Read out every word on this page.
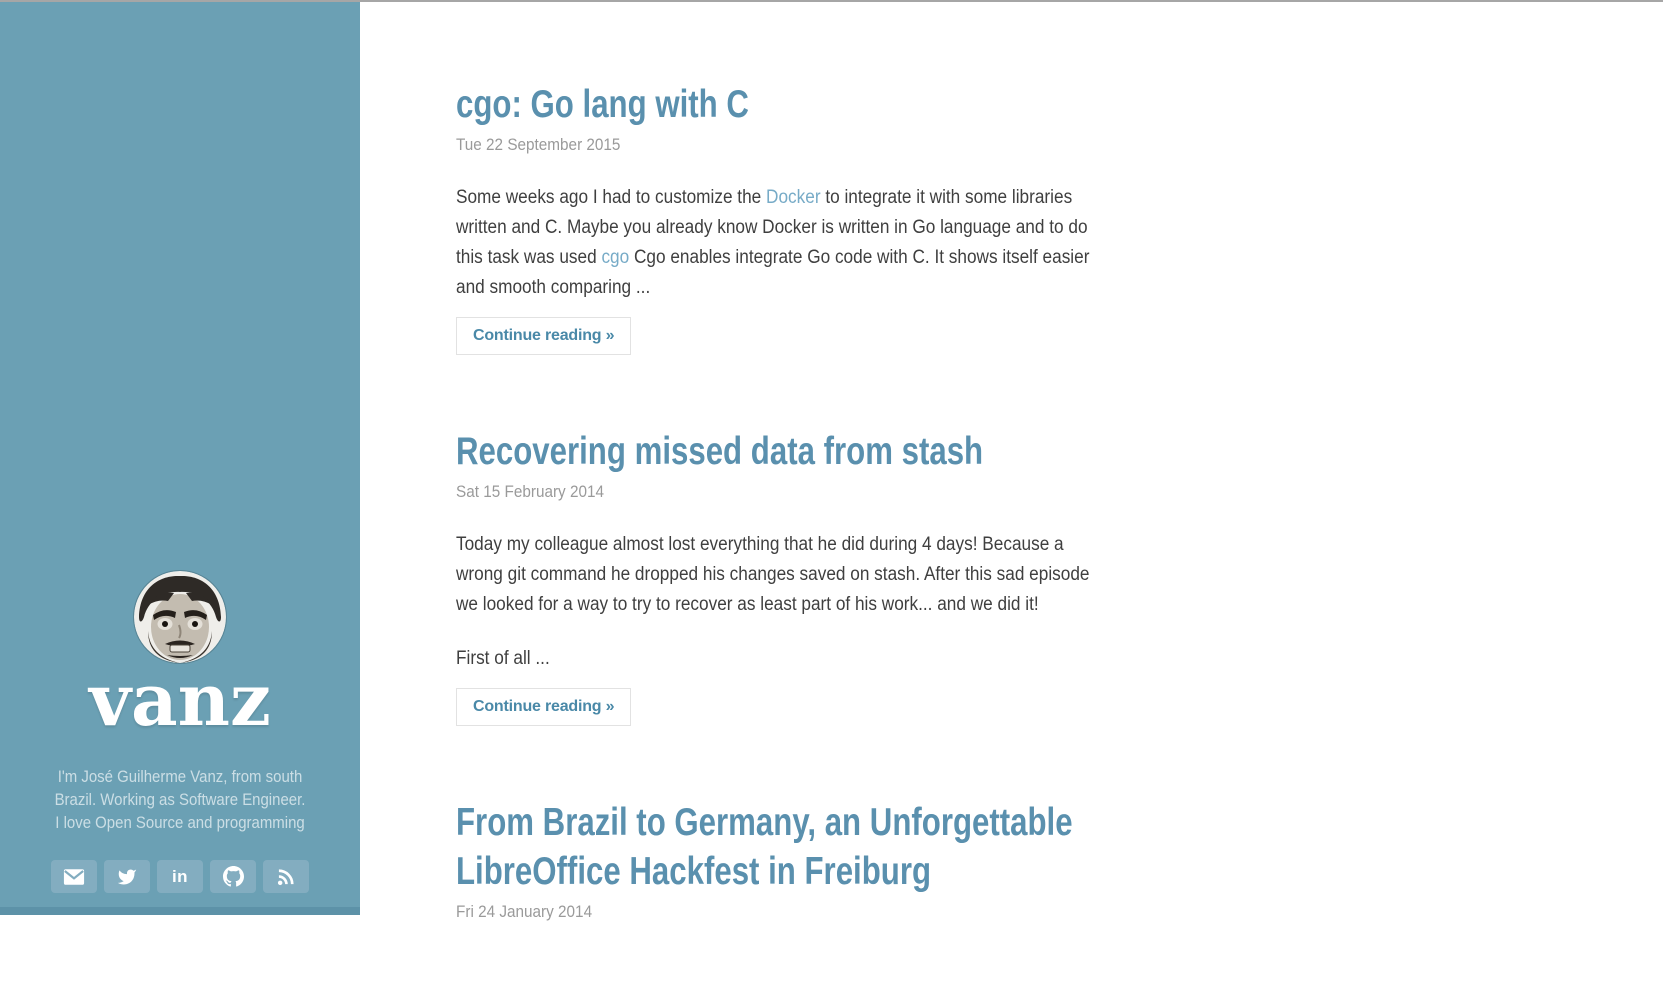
vanz

I'm José Guilherme Vanz, from south Brazil. Working as Software Engineer. I love Open Source and programming

in
cgo: Go lang with C
Tue 22 September 2015

Some weeks ago I had to customize the Docker to integrate it with some libraries written and C. Maybe you already know Docker is written in Go language and to do this task was used cgo Cgo enables integrate Go code with C. It shows itself easier and smooth comparing ...

Continue reading »
Recovering missed data from stash
Sat 15 February 2014

Today my colleague almost lost everything that he did during 4 days! Because a wrong git command he dropped his changes saved on stash. After this sad episode we looked for a way to try to recover as least part of his work... and we did it!

First of all ...

Continue reading »
From Brazil to Germany, an Unforgettable LibreOffice Hackfest in Freiburg
Fri 24 January 2014
